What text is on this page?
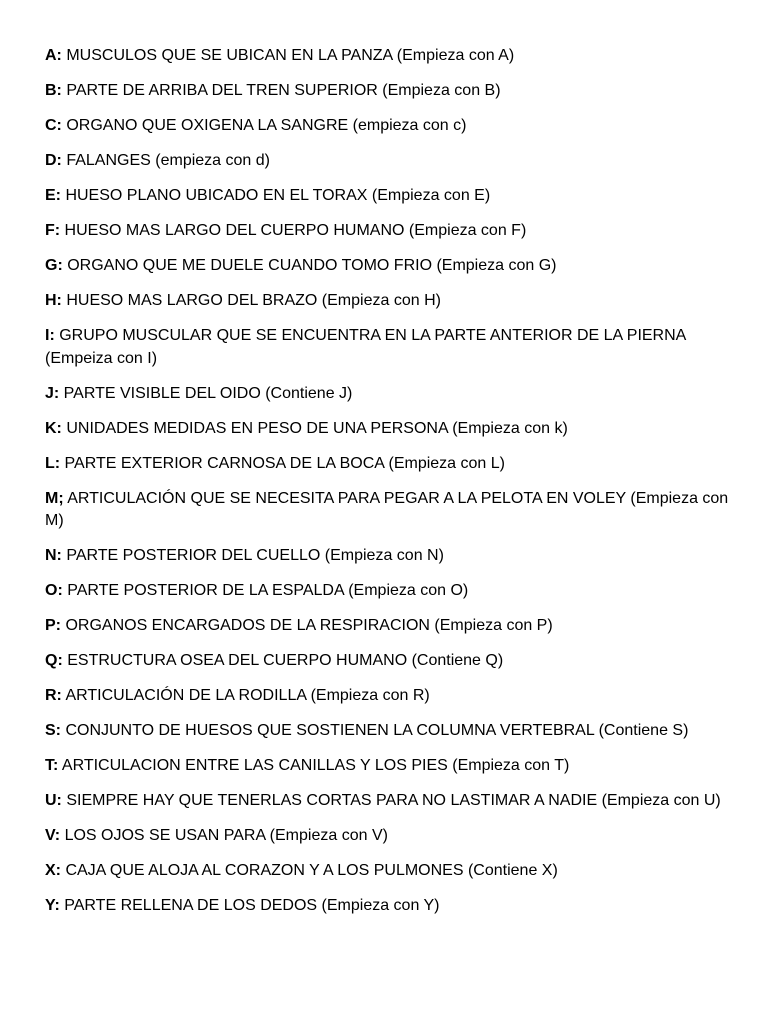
A: MUSCULOS QUE SE UBICAN EN LA PANZA (Empieza con A)

B: PARTE DE ARRIBA DEL TREN SUPERIOR (Empieza con B)

C: ORGANO QUE OXIGENA LA SANGRE (empieza con c)

D: FALANGES (empieza con d)

E: HUESO PLANO UBICADO EN EL TORAX (Empieza con E)

F: HUESO MAS LARGO DEL CUERPO HUMANO (Empieza con F)

G: ORGANO QUE ME DUELE CUANDO TOMO FRIO (Empieza con G)

H: HUESO MAS LARGO DEL BRAZO (Empieza con H)

I: GRUPO MUSCULAR QUE SE ENCUENTRA EN LA PARTE ANTERIOR DE LA PIERNA (Empeiza con I)

J: PARTE VISIBLE DEL OIDO (Contiene J)

K: UNIDADES MEDIDAS EN PESO DE UNA PERSONA (Empieza con k)

L: PARTE EXTERIOR CARNOSA DE LA BOCA (Empieza con L)

M; ARTICULACIÓN QUE SE NECESITA PARA PEGAR A LA PELOTA EN VOLEY (Empieza con M)

N: PARTE POSTERIOR DEL CUELLO (Empieza con N)

O: PARTE POSTERIOR DE LA ESPALDA (Empieza con O)

P: ORGANOS ENCARGADOS DE LA RESPIRACION (Empieza con P)

Q: ESTRUCTURA OSEA DEL CUERPO HUMANO (Contiene Q)

R: ARTICULACIÓN DE LA RODILLA (Empieza con R)

S: CONJUNTO DE HUESOS QUE SOSTIENEN LA COLUMNA VERTEBRAL (Contiene S)

T: ARTICULACION ENTRE LAS CANILLAS Y LOS PIES (Empieza con T)

U: SIEMPRE HAY QUE TENERLAS CORTAS PARA NO LASTIMAR A NADIE (Empieza con U)

V: LOS OJOS SE USAN PARA (Empieza con V)

X: CAJA QUE ALOJA AL CORAZON Y A LOS PULMONES (Contiene X)

Y: PARTE RELLENA DE LOS DEDOS (Empieza con Y)
